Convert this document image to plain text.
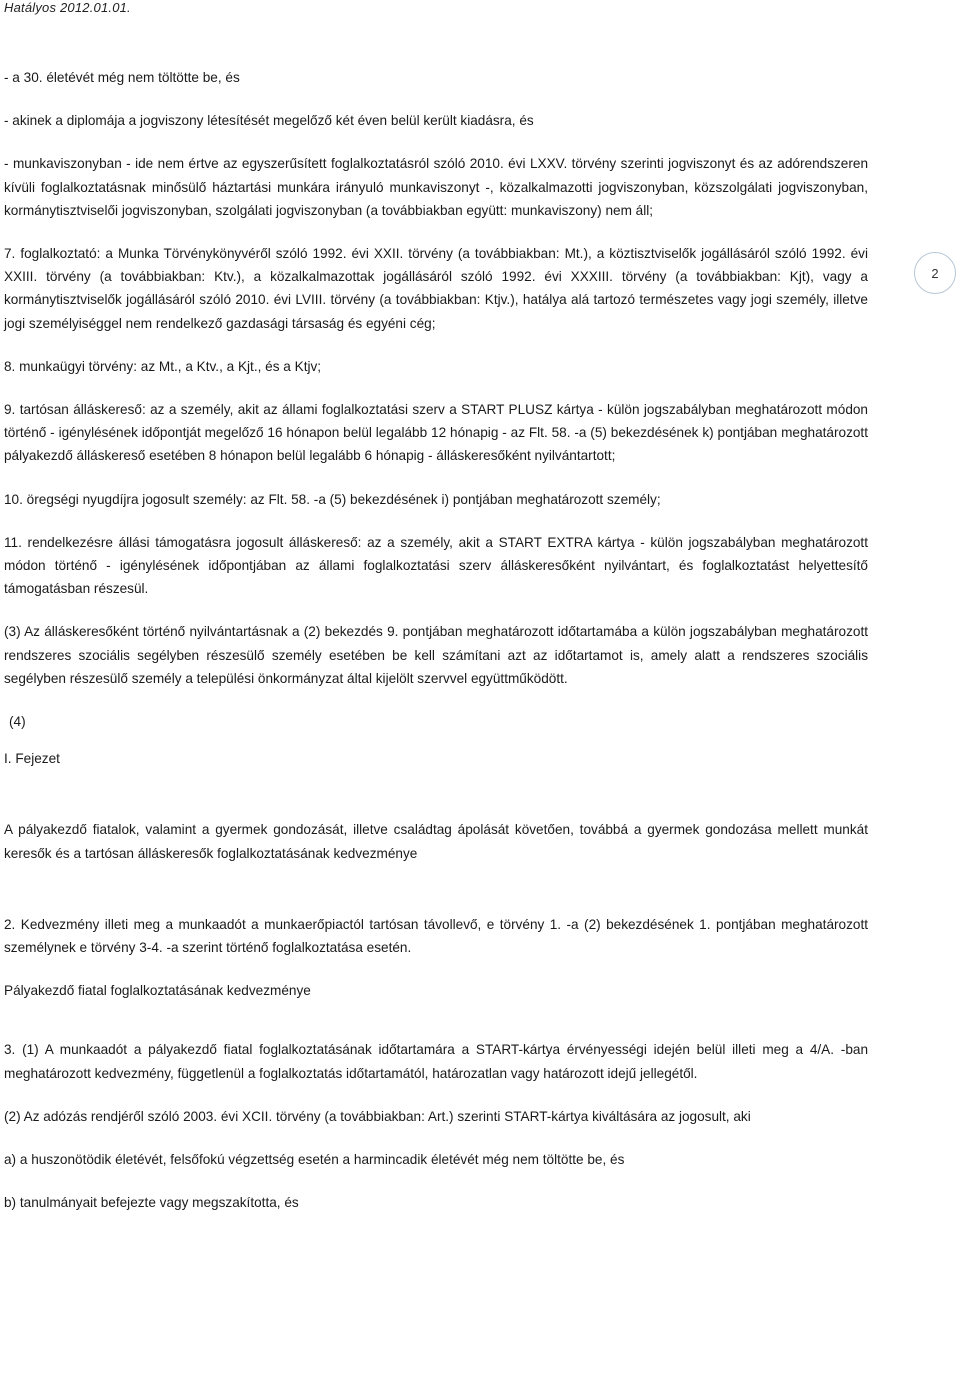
Hatályos 2012.01.01.
2

- a 30. életévét még nem töltötte be, és

- akinek a diplomája a jogviszony létesítését megelőző két éven belül került kiadásra, és

- munkaviszonyban - ide nem értve az egyszerűsített foglalkoztatásról szóló 2010. évi LXXV. törvény szerinti jogviszonyt és az adórendszeren kívüli foglalkoztatásnak minősülő háztartási munkára irányuló munkaviszonyt -, közalkalmazotti jogviszonyban, közszolgálati jogviszonyban, kormánytisztviselői jogviszonyban, szolgálati jogviszonyban (a továbbiakban együtt: munkaviszony) nem áll;

7. foglalkoztató: a Munka Törvénykönyvéről szóló 1992. évi XXII. törvény (a továbbiakban: Mt.), a köztisztviselők jogállásáról szóló 1992. évi XXIII. törvény (a továbbiakban: Ktv.), a közalkalmazottak jogállásáról szóló 1992. évi XXXIII. törvény (a továbbiakban: Kjt), vagy a kormánytisztviselők jogállásáról szóló 2010. évi LVIII. törvény (a továbbiakban: Ktjv.), hatálya alá tartozó természetes vagy jogi személy, illetve jogi személyiséggel nem rendelkező gazdasági társaság és egyéni cég;

8. munkaügyi törvény: az Mt., a Ktv., a Kjt., és a Ktjv;

9. tartósan álláskereső: az a személy, akit az állami foglalkoztatási szerv a START PLUSZ kártya - külön jogszabályban meghatározott módon történő - igénylésének időpontját megelőző 16 hónapon belül legalább 12 hónapig - az Flt. 58. -a (5) bekezdésének k) pontjában meghatározott pályakezdő álláskereső esetében 8 hónapon belül legalább 6 hónapig - álláskeresőként nyilvántartott;

10. öregségi nyugdíjra jogosult személy: az Flt. 58. -a (5) bekezdésének i) pontjában meghatározott személy;

11. rendelkezésre állási támogatásra jogosult álláskereső: az a személy, akit a START EXTRA kártya - külön jogszabályban meghatározott módon történő - igénylésének időpontjában az állami foglalkoztatási szerv álláskeresőként nyilvántart, és foglalkoztatást helyettesítő támogatásban részesül.

(3) Az álláskeresőként történő nyilvántartásnak a (2) bekezdés 9. pontjában meghatározott időtartamába a külön jogszabályban meghatározott rendszeres szociális segélyben részesülő személy esetében be kell számítani azt az időtartamot is, amely alatt a rendszeres szociális segélyben részesülő személy a települési önkormányzat által kijelölt szervvel együttműködött.

(4)

I. Fejezet

A pályakezdő fiatalok, valamint a gyermek gondozását, illetve családtag ápolását követően, továbbá a gyermek gondozása mellett munkát keresők és a tartósan álláskeresők foglalkoztatásának kedvezménye

2. Kedvezmény illeti meg a munkaadót a munkaerőpiactól tartósan távollevő, e törvény 1. -a (2) bekezdésének 1. pontjában meghatározott személynek e törvény 3-4. -a szerint történő foglalkoztatása esetén.

Pályakezdő fiatal foglalkoztatásának kedvezménye

3. (1) A munkaadót a pályakezdő fiatal foglalkoztatásának időtartamára a START-kártya érvényességi idején belül illeti meg a 4/A. -ban meghatározott kedvezmény, függetlenül a foglalkoztatás időtartamától, határozatlan vagy határozott idejű jellegétől.

(2) Az adózás rendjéről szóló 2003. évi XCII. törvény (a továbbiakban: Art.) szerinti START-kártya kiváltására az jogosult, aki

a) a huszonötödik életévét, felsőfokú végzettség esetén a harmincadik életévét még nem töltötte be, és

b) tanulmányait befejezte vagy megszakította, és
